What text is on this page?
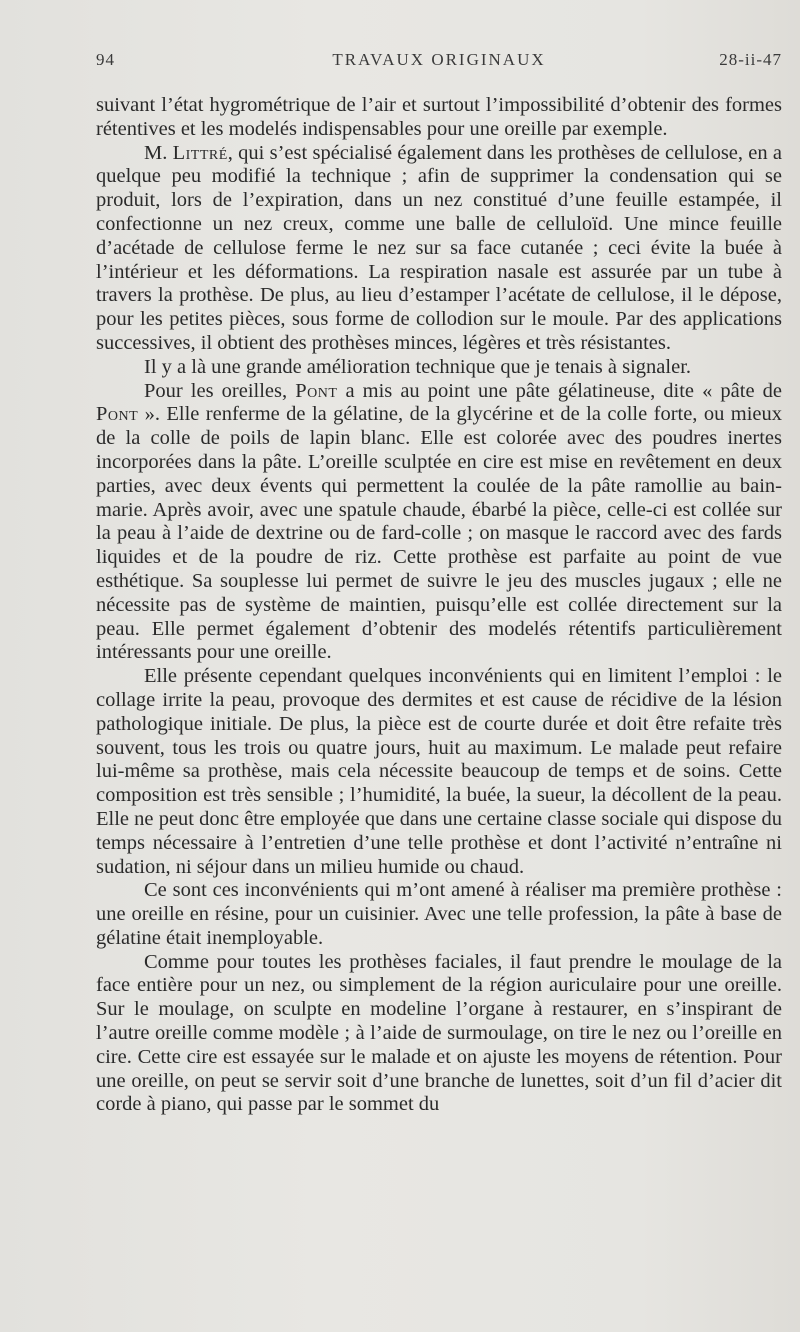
94	TRAVAUX ORIGINAUX	28-ii-47

suivant l’état hygrométrique de l’air et surtout l’impossibilité d’obtenir des formes rétentives et les modelés indispensables pour une oreille par exemple.

M. Littré, qui s’est spécialisé également dans les prothèses de cellulose, en a quelque peu modifié la technique ; afin de supprimer la condensation qui se produit, lors de l’expiration, dans un nez constitué d’une feuille estampée, il confectionne un nez creux, comme une balle de celluloïd. Une mince feuille d’acétade de cellulose ferme le nez sur sa face cutanée ; ceci évite la buée à l’intérieur et les déformations. La respiration nasale est assurée par un tube à travers la prothèse. De plus, au lieu d’estamper l’acétate de cellulose, il le dépose, pour les petites pièces, sous forme de collodion sur le moule. Par des applications successives, il obtient des prothèses minces, légères et très résistantes.

Il y a là une grande amélioration technique que je tenais à signaler.

Pour les oreilles, Pont a mis au point une pâte gélatineuse, dite « pâte de Pont ». Elle renferme de la gélatine, de la glycérine et de la colle forte, ou mieux de la colle de poils de lapin blanc. Elle est colorée avec des poudres inertes incorporées dans la pâte. L’oreille sculptée en cire est mise en revêtement en deux parties, avec deux évents qui permettent la coulée de la pâte ramollie au bain-marie. Après avoir, avec une spatule chaude, ébarbé la pièce, celle-ci est collée sur la peau à l’aide de dextrine ou de fard-colle ; on masque le raccord avec des fards liquides et de la poudre de riz. Cette prothèse est parfaite au point de vue esthétique. Sa souplesse lui permet de suivre le jeu des muscles jugaux ; elle ne nécessite pas de système de maintien, puisqu’elle est collée directement sur la peau. Elle permet également d’obtenir des modelés rétentifs particulièrement intéressants pour une oreille.

Elle présente cependant quelques inconvénients qui en limitent l’emploi : le collage irrite la peau, provoque des dermites et est cause de récidive de la lésion pathologique initiale. De plus, la pièce est de courte durée et doit être refaite très souvent, tous les trois ou quatre jours, huit au maximum. Le malade peut refaire lui-même sa prothèse, mais cela nécessite beaucoup de temps et de soins. Cette composition est très sensible ; l’humidité, la buée, la sueur, la décollent de la peau. Elle ne peut donc être employée que dans une certaine classe sociale qui dispose du temps nécessaire à l’entretien d’une telle prothèse et dont l’activité n’entraîne ni sudation, ni séjour dans un milieu humide ou chaud.

Ce sont ces inconvénients qui m’ont amené à réaliser ma première prothèse : une oreille en résine, pour un cuisinier. Avec une telle profession, la pâte à base de gélatine était inemployable.

Comme pour toutes les prothèses faciales, il faut prendre le moulage de la face entière pour un nez, ou simplement de la région auriculaire pour une oreille. Sur le moulage, on sculpte en modeline l’organe à restaurer, en s’inspirant de l’autre oreille comme modèle ; à l’aide de surmoulage, on tire le nez ou l’oreille en cire. Cette cire est essayée sur le malade et on ajuste les moyens de rétention. Pour une oreille, on peut se servir soit d’une branche de lunettes, soit d’un fil d’acier dit corde à piano, qui passe par le sommet du
